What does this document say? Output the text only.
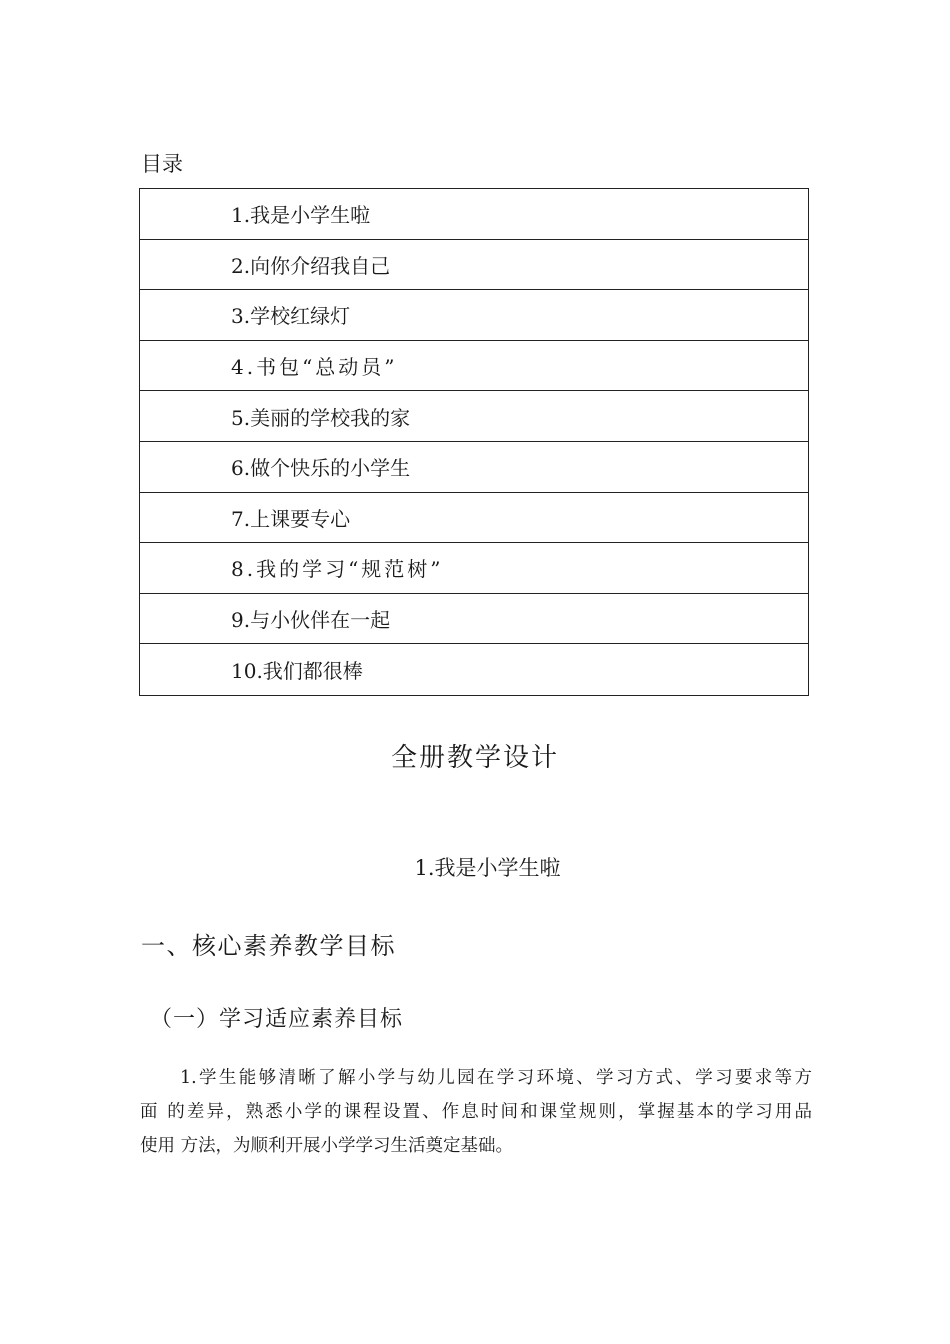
目录
1.我是小学生啦
2.向你介绍我自己
3.学校红绿灯
4.书包“总动员”
5.美丽的学校我的家
6.做个快乐的小学生
7.上课要专心
8.我的学习“规范树”
9.与小伙伴在一起
10.我们都很棒
全册教学设计
1.我是小学生啦
一、核心素养教学目标
（一）学习适应素养目标
1.学生能够清晰了解小学与幼儿园在学习环境、学习方式、学习要求等方
面 的差异，熟悉小学的课程设置、作息时间和课堂规则，掌握基本的学习用品
使用 方法，为顺利开展小学学习生活奠定基础。
